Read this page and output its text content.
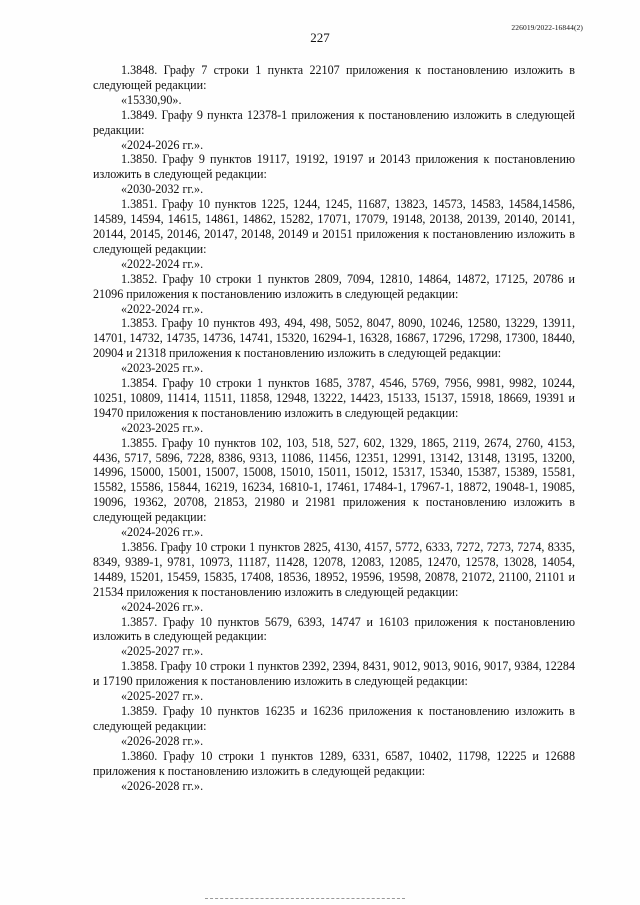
226019/2022-16844(2)
227

1.3848. Графу 7 строки 1 пункта 22107 приложения к постановлению изложить в следующей редакции:

«15330,90».

1.3849. Графу 9 пункта 12378-1 приложения к постановлению изложить в следующей редакции:

«2024-2026 гг.».

1.3850. Графу 9 пунктов 19117, 19192, 19197 и 20143 приложения к постановлению изложить в следующей редакции:

«2030-2032 гг.».

1.3851. Графу 10 пунктов 1225, 1244, 1245, 11687, 13823, 14573, 14583, 14584,14586, 14589, 14594, 14615, 14861, 14862, 15282, 17071, 17079, 19148, 20138, 20139, 20140, 20141, 20144, 20145, 20146, 20147, 20148, 20149 и 20151 приложения к постановлению изложить в следующей редакции:

«2022-2024 гг.».

1.3852. Графу 10 строки 1 пунктов 2809, 7094, 12810, 14864, 14872, 17125, 20786 и 21096 приложения к постановлению изложить в следующей редакции:

«2022-2024 гг.».

1.3853. Графу 10 пунктов 493, 494, 498, 5052, 8047, 8090, 10246, 12580, 13229, 13911, 14701, 14732, 14735, 14736, 14741, 15320, 16294-1, 16328, 16867, 17296, 17298, 17300, 18440, 20904 и 21318 приложения к постановлению изложить в следующей редакции:

«2023-2025 гг.».

1.3854. Графу 10 строки 1 пунктов 1685, 3787, 4546, 5769, 7956, 9981, 9982, 10244, 10251, 10809, 11414, 11511, 11858, 12948, 13222, 14423, 15133, 15137, 15918, 18669, 19391 и 19470 приложения к постановлению изложить в следующей редакции:

«2023-2025 гг.».

1.3855. Графу 10 пунктов 102, 103, 518, 527, 602, 1329, 1865, 2119, 2674, 2760, 4153, 4436, 5717, 5896, 7228, 8386, 9313, 11086, 11456, 12351, 12991, 13142, 13148, 13195, 13200, 14996, 15000, 15001, 15007, 15008, 15010, 15011, 15012, 15317, 15340, 15387, 15389, 15581, 15582, 15586, 15844, 16219, 16234, 16810-1, 17461, 17484-1, 17967-1, 18872, 19048-1, 19085, 19096, 19362, 20708, 21853, 21980 и 21981 приложения к постановлению изложить в следующей редакции:

«2024-2026 гг.».

1.3856. Графу 10 строки 1 пунктов 2825, 4130, 4157, 5772, 6333, 7272, 7273, 7274, 8335, 8349, 9389-1, 9781, 10973, 11187, 11428, 12078, 12083, 12085, 12470, 12578, 13028, 14054, 14489, 15201, 15459, 15835, 17408, 18536, 18952, 19596, 19598, 20878, 21072, 21100, 21101 и 21534 приложения к постановлению изложить в следующей редакции:

«2024-2026 гг.».

1.3857. Графу 10 пунктов 5679, 6393, 14747 и 16103 приложения к постановлению изложить в следующей редакции:

«2025-2027 гг.».

1.3858. Графу 10 строки 1 пунктов 2392, 2394, 8431, 9012, 9013, 9016, 9017, 9384, 12284 и 17190 приложения к постановлению изложить в следующей редакции:

«2025-2027 гг.».

1.3859. Графу 10 пунктов 16235 и 16236 приложения к постановлению изложить в следующей редакции:

«2026-2028 гг.».

1.3860. Графу 10 строки 1 пунктов 1289, 6331, 6587, 10402, 11798, 12225 и 12688 приложения к постановлению изложить в следующей редакции:

«2026-2028 гг.».
